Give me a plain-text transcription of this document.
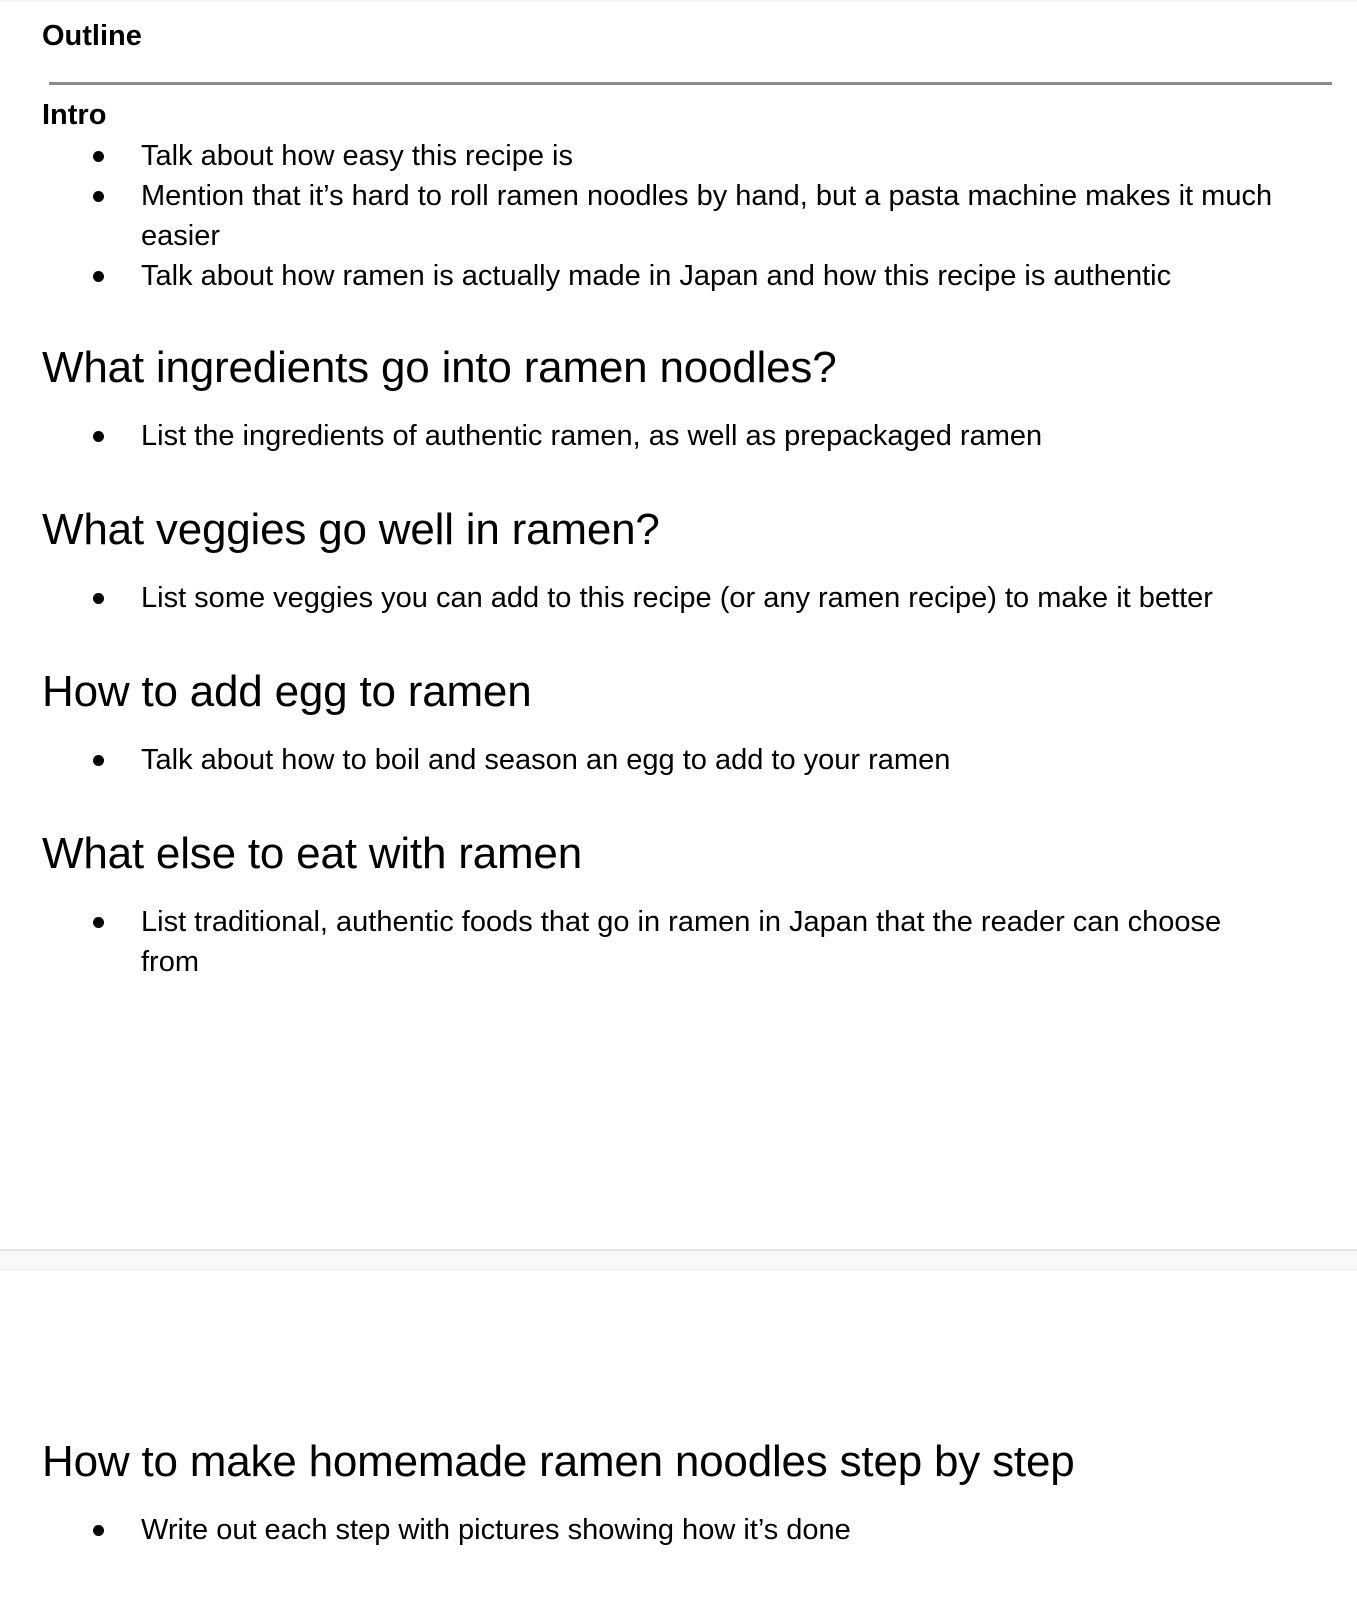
Outline
Intro
Talk about how easy this recipe is
Mention that it’s hard to roll ramen noodles by hand, but a pasta machine makes it much easier
Talk about how ramen is actually made in Japan and how this recipe is authentic
What ingredients go into ramen noodles?
List the ingredients of authentic ramen, as well as prepackaged ramen
What veggies go well in ramen?
List some veggies you can add to this recipe (or any ramen recipe) to make it better
How to add egg to ramen
Talk about how to boil and season an egg to add to your ramen
What else to eat with ramen
List traditional, authentic foods that go in ramen in Japan that the reader can choose from
How to make homemade ramen noodles step by step
Write out each step with pictures showing how it’s done
